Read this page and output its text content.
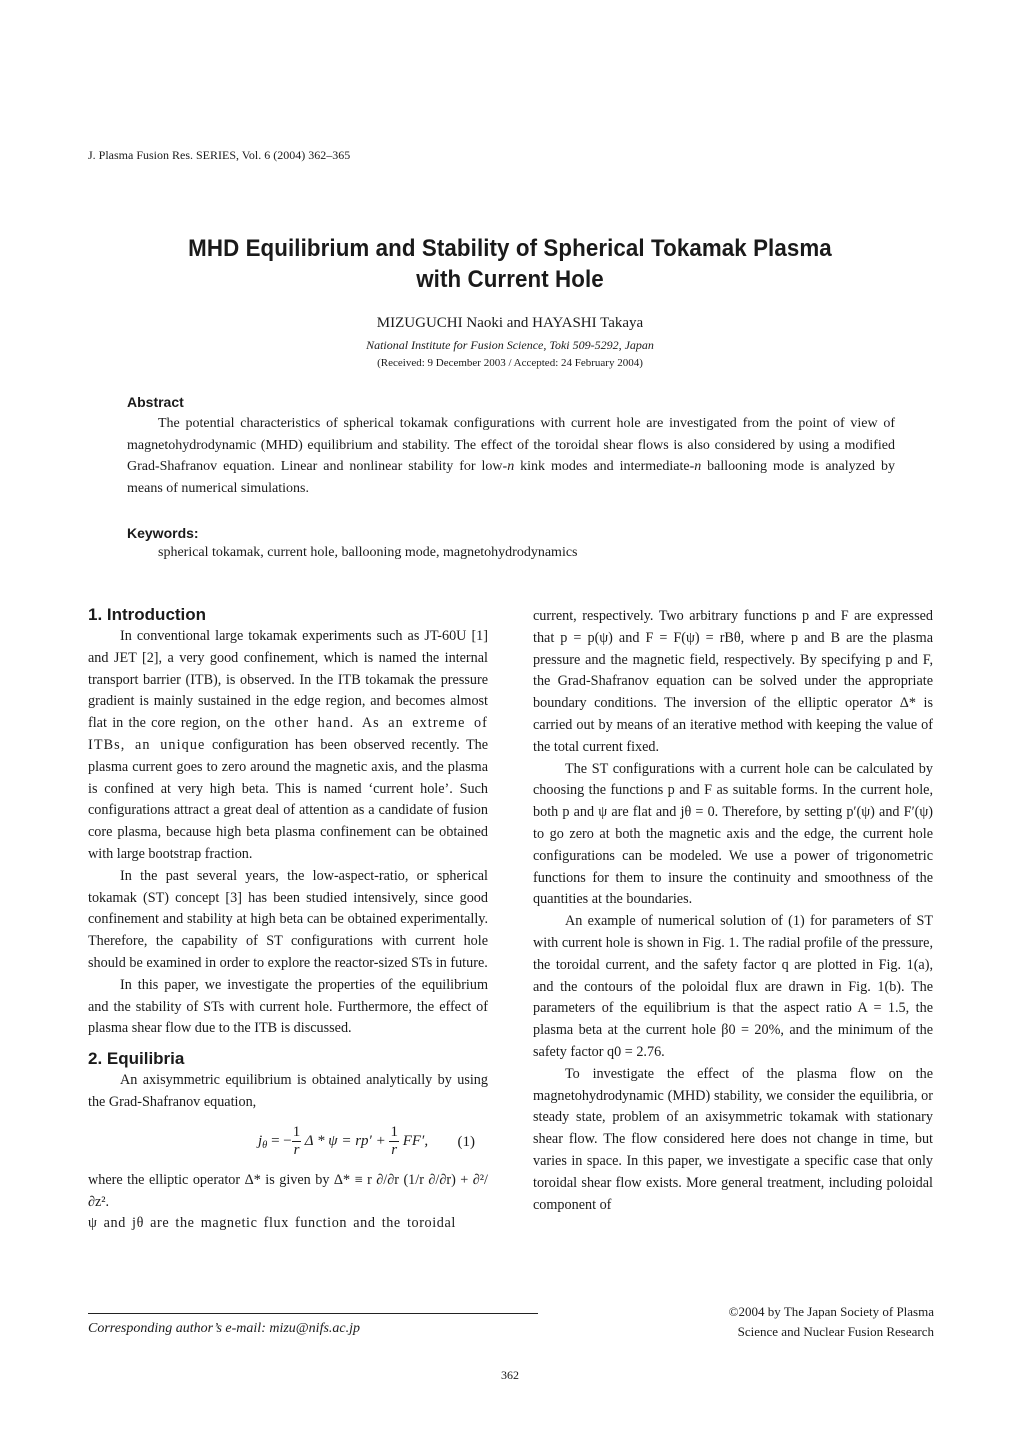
J. Plasma Fusion Res. SERIES, Vol. 6 (2004) 362–365
MHD Equilibrium and Stability of Spherical Tokamak Plasma
with Current Hole
MIZUGUCHI Naoki and HAYASHI Takaya
National Institute for Fusion Science, Toki 509-5292, Japan
(Received: 9 December 2003 / Accepted: 24 February 2004)
Abstract

The potential characteristics of spherical tokamak configurations with current hole are investigated from the point of view of magnetohydrodynamic (MHD) equilibrium and stability. The effect of the toroidal shear flows is also considered by using a modified Grad-Shafranov equation. Linear and nonlinear stability for low-n kink modes and intermediate-n ballooning mode is analyzed by means of numerical simulations.

Keywords:
spherical tokamak, current hole, ballooning mode, magnetohydrodynamics
1. Introduction

In conventional large tokamak experiments such as JT-60U [1] and JET [2], a very good confinement, which is named the internal transport barrier (ITB), is observed. In the ITB tokamak the pressure gradient is mainly sustained in the edge region, and becomes almost flat in the core region, on the other hand. As an extreme of ITBs, an unique configuration has been observed recently. The plasma current goes to zero around the magnetic axis, and the plasma is confined at very high beta. This is named ‘current hole’. Such configurations attract a great deal of attention as a candidate of fusion core plasma, because high beta plasma confinement can be obtained with large bootstrap fraction.

In the past several years, the low-aspect-ratio, or spherical tokamak (ST) concept [3] has been studied intensively, since good confinement and stability at high beta can be obtained experimentally. Therefore, the capability of ST configurations with current hole should be examined in order to explore the reactor-sized STs in future.

In this paper, we investigate the properties of the equilibrium and the stability of STs with current hole. Furthermore, the effect of plasma shear flow due to the ITB is discussed.

2. Equilibria

An axisymmetric equilibrium is obtained analytically by using the Grad-Shafranov equation,

$j_\theta$ = − $\frac{1}{r}$ $\Delta * \psi = rp' + \frac{1}{r} FF'$, (1)

where the elliptic operator Δ* is given by Δ* ≡ r ∂/∂r (1/r ∂/∂r) + ∂²/∂z².

ψ and jθ are the magnetic flux function and the toroidal

current, respectively. Two arbitrary functions p and F are expressed that p = p(ψ) and F = F(ψ) = rBθ, where p and B are the plasma pressure and the magnetic field, respectively. By specifying p and F, the Grad-Shafranov equation can be solved under the appropriate boundary conditions. The inversion of the elliptic operator Δ* is carried out by means of an iterative method with keeping the value of the total current fixed.

The ST configurations with a current hole can be calculated by choosing the functions p and F as suitable forms. In the current hole, both p and ψ are flat and jθ = 0. Therefore, by setting p′(ψ) and F′(ψ) to go zero at both the magnetic axis and the edge, the current hole configurations can be modeled. We use a power of trigonometric functions for them to insure the continuity and smoothness of the quantities at the boundaries.

An example of numerical solution of (1) for parameters of ST with current hole is shown in Fig. 1. The radial profile of the pressure, the toroidal current, and the safety factor q are plotted in Fig. 1(a), and the contours of the poloidal flux are drawn in Fig. 1(b). The parameters of the equilibrium is that the aspect ratio A = 1.5, the plasma beta at the current hole β0 = 20%, and the minimum of the safety factor q0 = 2.76.

To investigate the effect of the plasma flow on the magnetohydrodynamic (MHD) stability, we consider the equilibria, or steady state, problem of an axisymmetric tokamak with stationary shear flow. The flow considered here does not change in time, but varies in space. In this paper, we investigate a specific case that only toroidal shear flow exists. More general treatment, including poloidal component of

Corresponding author’s e-mail: mizu@nifs.ac.jp
©2004 by The Japan Society of Plasma
Science and Nuclear Fusion Research
362
